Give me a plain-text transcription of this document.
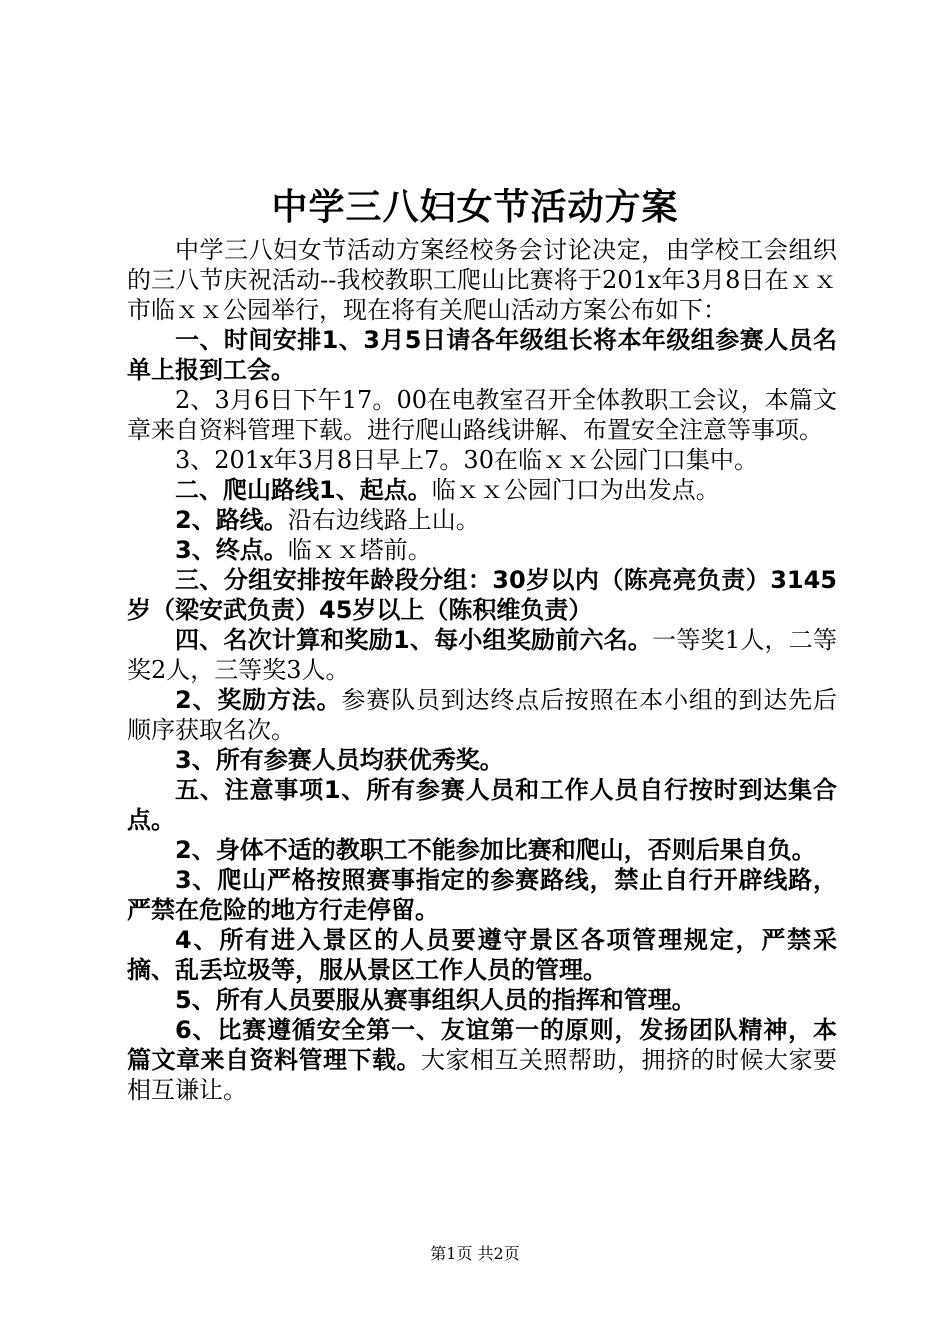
中学三八妇女节活动方案

中学三八妇女节活动方案经校务会讨论决定，由学校工会组织的三八节庆祝活动--我校教职工爬山比赛将于201x年3月8日在ｘｘ市临ｘｘ公园举行，现在将有关爬山活动方案公布如下：

一、时间安排1、3月5日请各年级组长将本年级组参赛人员名单上报到工会。

2、3月6日下午17。00在电教室召开全体教职工会议，本篇文章来自资料管理下载。进行爬山路线讲解、布置安全注意等事项。

3、201x年3月8日早上7。30在临ｘｘ公园门口集中。

二、爬山路线1、起点。临ｘｘ公园门口为出发点。

2、路线。沿右边线路上山。

3、终点。临ｘｘ塔前。

三、分组安排按年龄段分组：30岁以内（陈亮亮负责）3145岁（梁安武负责）45岁以上（陈积维负责）

四、名次计算和奖励1、每小组奖励前六名。一等奖1人，二等奖2人，三等奖3人。

2、奖励方法。参赛队员到达终点后按照在本小组的到达先后顺序获取名次。

3、所有参赛人员均获优秀奖。

五、注意事项1、所有参赛人员和工作人员自行按时到达集合点。

2、身体不适的教职工不能参加比赛和爬山，否则后果自负。

3、爬山严格按照赛事指定的参赛路线，禁止自行开辟线路，严禁在危险的地方行走停留。

4、所有进入景区的人员要遵守景区各项管理规定，严禁采摘、乱丢垃圾等，服从景区工作人员的管理。

5、所有人员要服从赛事组织人员的指挥和管理。

6、比赛遵循安全第一、友谊第一的原则，发扬团队精神，本篇文章来自资料管理下载。大家相互关照帮助，拥挤的时候大家要相互谦让。

第1页 共2页
